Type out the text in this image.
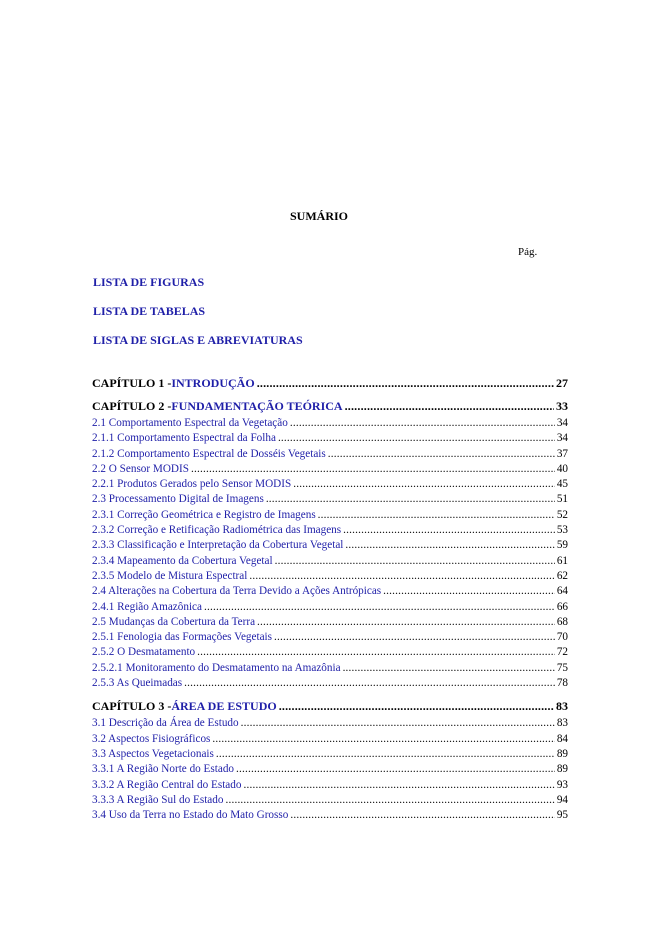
SUMÁRIO
Pág.
LISTA DE FIGURAS
LISTA DE TABELAS
LISTA DE SIGLAS E ABREVIATURAS
CAPÍTULO 1 - INTRODUÇÃO .....	27
CAPÍTULO 2 - FUNDAMENTAÇÃO TEÓRICA .....	33
2.1 Comportamento Espectral da Vegetação .....	34
2.1.1 Comportamento Espectral da Folha .....	34
2.1.2 Comportamento Espectral de Dosséis Vegetais .....	37
2.2 O Sensor MODIS .....	40
2.2.1 Produtos Gerados pelo Sensor MODIS .....	45
2.3 Processamento Digital de Imagens .....	51
2.3.1 Correção Geométrica e Registro de Imagens .....	52
2.3.2 Correção e Retificação Radiométrica das Imagens .....	53
2.3.3 Classificação e Interpretação da Cobertura Vegetal .....	59
2.3.4 Mapeamento da Cobertura Vegetal .....	61
2.3.5 Modelo de Mistura Espectral .....	62
2.4 Alterações na Cobertura da Terra Devido a Ações Antrópicas .....	64
2.4.1 Região Amazônica .....	66
2.5 Mudanças da Cobertura da Terra .....	68
2.5.1 Fenologia das Formações Vegetais .....	70
2.5.2 O Desmatamento .....	72
2.5.2.1 Monitoramento do Desmatamento na Amazônia .....	75
2.5.3 As Queimadas .....	78
CAPÍTULO 3 - ÁREA DE ESTUDO .....	83
3.1 Descrição da Área de Estudo .....	83
3.2 Aspectos Fisiográficos .....	84
3.3 Aspectos Vegetacionais .....	89
3.3.1 A Região Norte do Estado .....	89
3.3.2 A Região Central do Estado .....	93
3.3.3 A Região Sul do Estado .....	94
3.4 Uso da Terra no Estado do Mato Grosso .....	95
